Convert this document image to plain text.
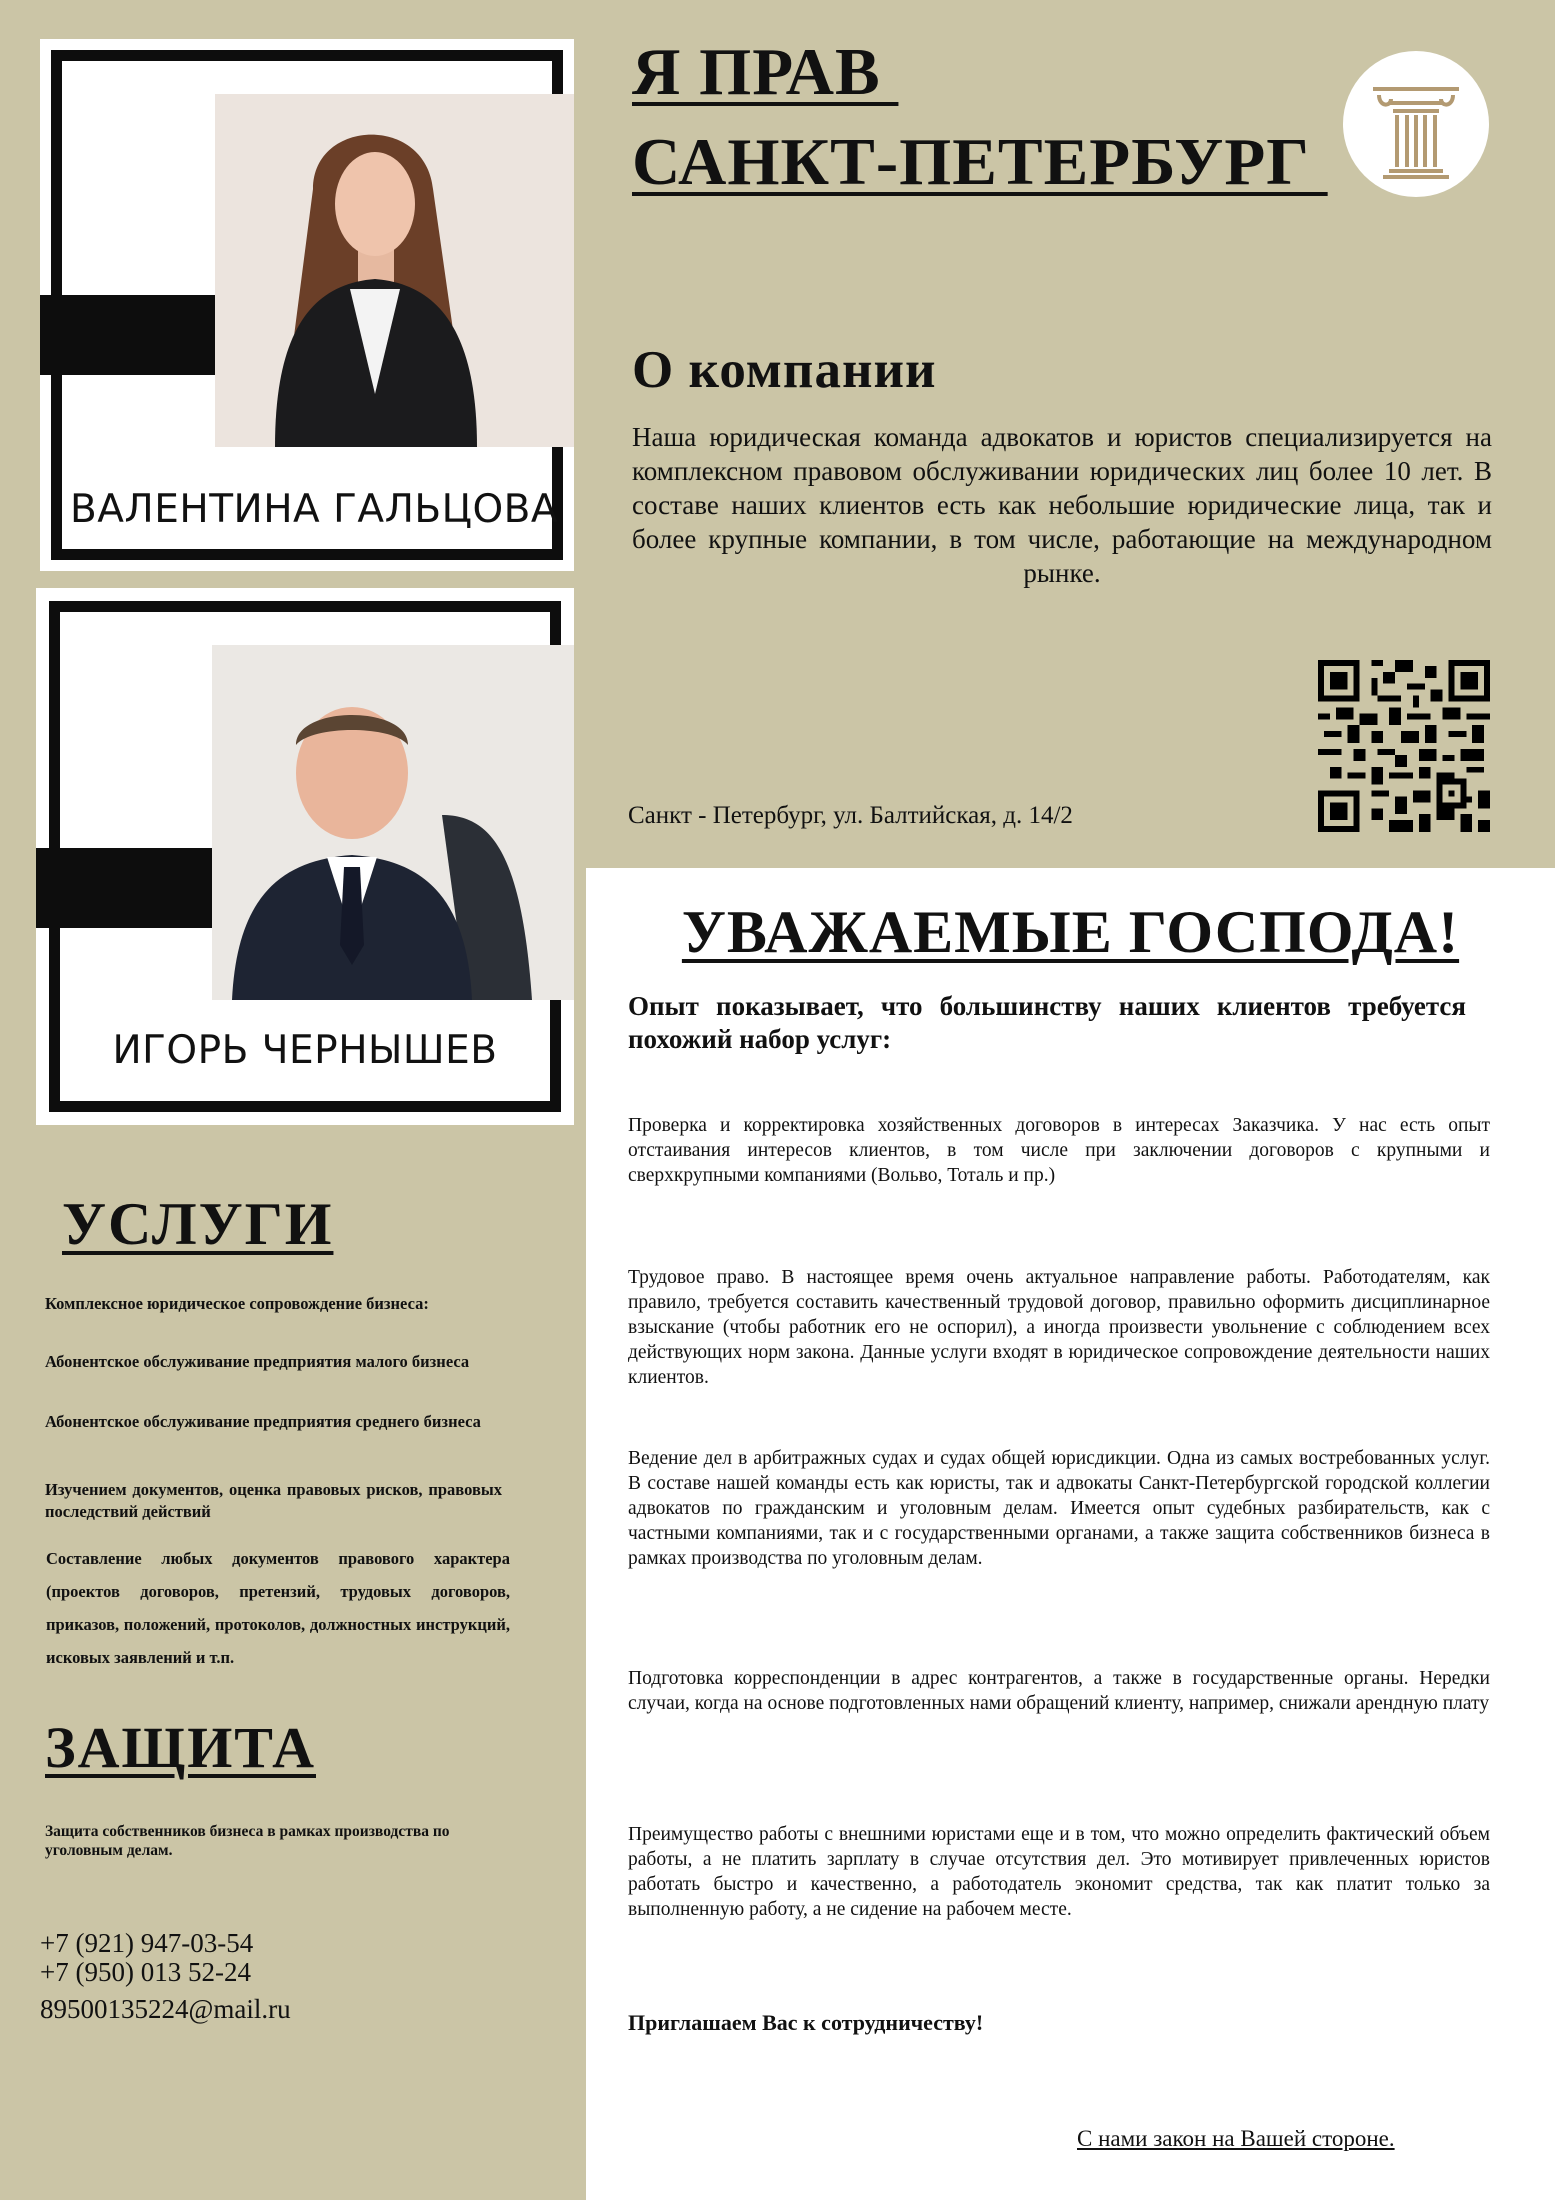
Я ПРАВ
САНКТ-ПЕТЕРБУРГ
ВАЛЕНТИНА ГАЛЬЦОВА
ИГОРЬ ЧЕРНЫШЕВ
О компании
Наша юридическая команда адвокатов и юристов специализируется на комплексном правовом обслуживании юридических лиц более 10 лет. В составе наших клиентов есть как небольшие юридические лица, так и более крупные компании, в том числе, работающие на международном рынке.
Санкт - Петербург, ул. Балтийская, д. 14/2
УВАЖАЕМЫЕ ГОСПОДА!
Опыт показывает, что большинству наших клиентов требуется похожий набор услуг:
Проверка и корректировка хозяйственных договоров в интересах Заказчика. У нас есть опыт отстаивания интересов клиентов, в том числе при заключении договоров с крупными и сверхкрупными компаниями (Вольво, Тоталь и пр.)
Трудовое право. В настоящее время очень актуальное направление работы. Работодателям, как правило, требуется составить качественный трудовой договор, правильно оформить дисциплинарное взыскание (чтобы работник его не оспорил), а иногда произвести увольнение с соблюдением всех действующих норм закона. Данные услуги входят в юридическое сопровождение деятельности наших клиентов.
Ведение дел в арбитражных судах и судах общей юрисдикции. Одна из самых востребованных услуг. В составе нашей команды есть как юристы, так и адвокаты Санкт-Петербургской городской коллегии адвокатов по гражданским и уголовным делам. Имеется опыт судебных разбирательств, как с частными компаниями, так и с государственными органами, а также защита собственников бизнеса в рамках производства по уголовным делам.
Подготовка корреспонденции в адрес контрагентов, а также в государственные органы. Нередки случаи, когда на основе подготовленных нами обращений клиенту, например, снижали арендную плату
Преимущество работы с внешними юристами еще и в том, что можно определить фактический объем работы, а не платить зарплату в случае отсутствия дел. Это мотивирует привлеченных юристов работать быстро и качественно, а работодатель экономит средства, так как платит только за выполненную работу, а не сидение на рабочем месте.
Приглашаем Вас к сотрудничеству!
С нами закон на Вашей стороне.
УСЛУГИ
Комплексное юридическое сопровождение бизнеса:
Абонентское обслуживание предприятия малого бизнеса
Абонентское обслуживание предприятия среднего бизнеса
Изучением документов, оценка правовых рисков, правовых последствий действий
Составление любых документов правового характера (проектов договоров, претензий, трудовых договоров, приказов, положений, протоколов, должностных инструкций, исковых заявлений и т.п.
ЗАЩИТА
Защита собственников бизнеса в рамках производства по уголовным делам.
+7 (921) 947-03-54
+7 (950) 013 52-24
89500135224@mail.ru
